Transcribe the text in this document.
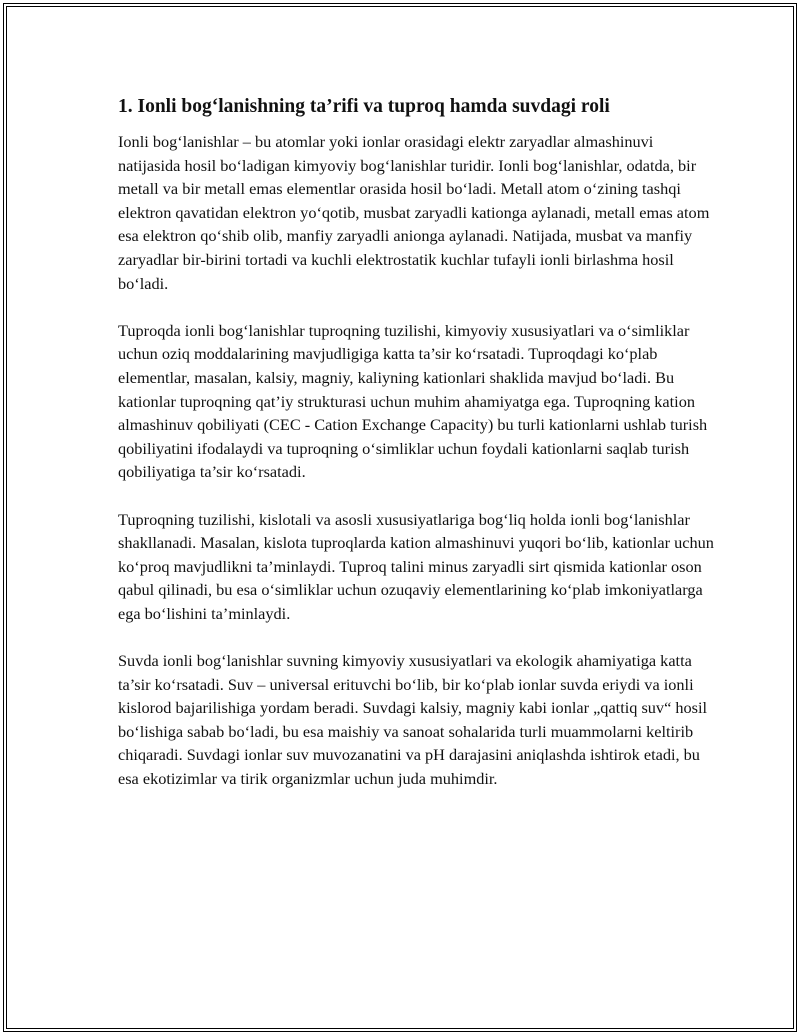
1. Ionli bog‘lanishning ta’rifi va tuproq hamda suvdagi roli

Ionli bog‘lanishlar – bu atomlar yoki ionlar orasidagi elektr zaryadlar almashinuvi natijasida hosil bo‘ladigan kimyoviy bog‘lanishlar turidir. Ionli bog‘lanishlar, odatda, bir metall va bir metall emas elementlar orasida hosil bo‘ladi. Metall atom o‘zining tashqi elektron qavatidan elektron yo‘qotib, musbat zaryadli kationga aylanadi, metall emas atom esa elektron qo‘shib olib, manfiy zaryadli anionga aylanadi. Natijada, musbat va manfiy zaryadlar bir-birini tortadi va kuchli elektrostatik kuchlar tufayli ionli birlashma hosil bo‘ladi.

Tuproqda ionli bog‘lanishlar tuproqning tuzilishi, kimyoviy xususiyatlari va o‘simliklar uchun oziq moddalarining mavjudligiga katta ta’sir ko‘rsatadi. Tuproqdagi ko‘plab elementlar, masalan, kalsiy, magniy, kaliyning kationlari shaklida mavjud bo‘ladi. Bu kationlar tuproqning qat’iy strukturasi uchun muhim ahamiyatga ega. Tuproqning kation almashinuv qobiliyati (CEC - Cation Exchange Capacity) bu turli kationlarni ushlab turish qobiliyatini ifodalaydi va tuproqning o‘simliklar uchun foydali kationlarni saqlab turish qobiliyatiga ta’sir ko‘rsatadi.

Tuproqning tuzilishi, kislotali va asosli xususiyatlariga bog‘liq holda ionli bog‘lanishlar shakllanadi. Masalan, kislota tuproqlarda kation almashinuvi yuqori bo‘lib, kationlar uchun ko‘proq mavjudlikni ta’minlaydi. Tuproq talini minus zaryadli sirt qismida kationlar oson qabul qilinadi, bu esa o‘simliklar uchun ozuqaviy elementlarining ko‘plab imkoniyatlarga ega bo‘lishini ta’minlaydi.

Suvda ionli bog‘lanishlar suvning kimyoviy xususiyatlari va ekologik ahamiyatiga katta ta’sir ko‘rsatadi. Suv – universal erituvchi bo‘lib, bir ko‘plab ionlar suvda eriydi va ionli kislorod bajarilishiga yordam beradi. Suvdagi kalsiy, magniy kabi ionlar „qattiq suv“ hosil bo‘lishiga sabab bo‘ladi, bu esa maishiy va sanoat sohalarida turli muammolarni keltirib chiqaradi. Suvdagi ionlar suv muvozanatini va pH darajasini aniqlashda ishtirok etadi, bu esa ekotizimlar va tirik organizmlar uchun juda muhimdir.
